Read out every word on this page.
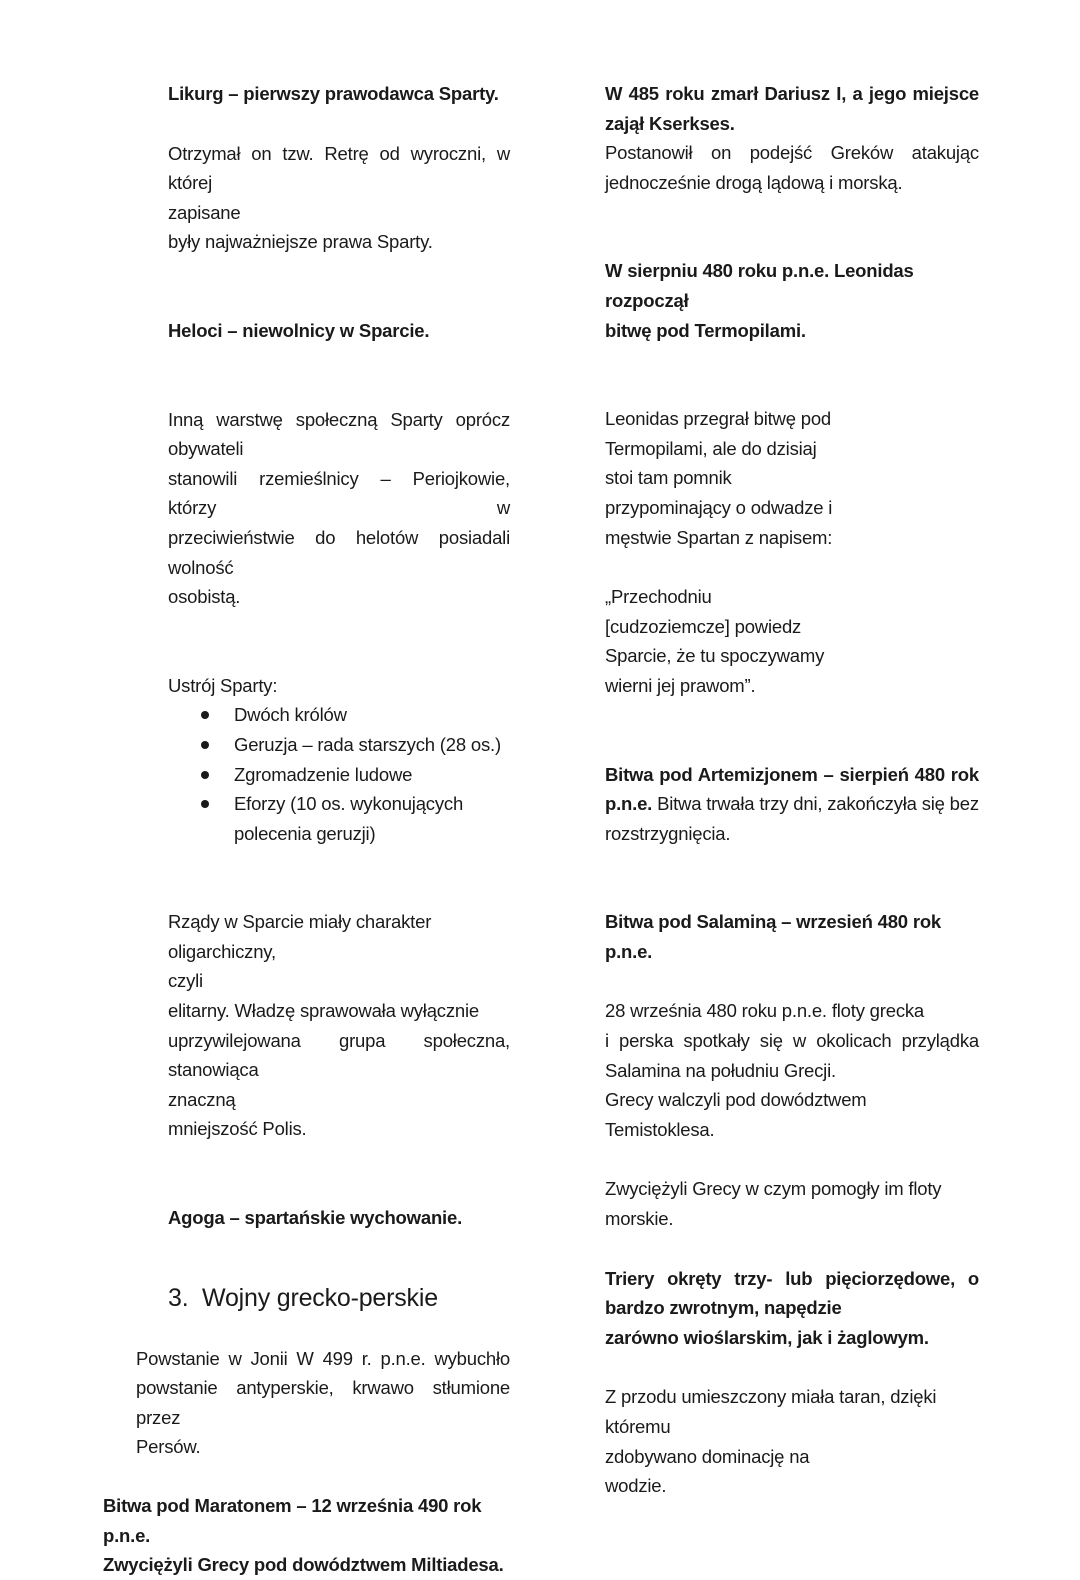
Likurg – pierwszy prawodawca Sparty.

Otrzymał on tzw. Retrę od wyroczni, w której

zapisane

były najważniejsze prawa Sparty.

Heloci – niewolnicy w Sparcie.

Inną warstwę społeczną Sparty oprócz

obywateli

stanowili rzemieślnicy – Periojkowie, którzy w

przeciwieństwie do helotów posiadali wolność

osobistą.

Ustrój Sparty:

Dwóch królów
Geruzja – rada starszych (28 os.)
Zgromadzenie ludowe
Eforzy (10 os. wykonujących polecenia geruzji)

Rządy w Sparcie miały charakter oligarchiczny,

czyli

elitarny. Władzę sprawowała wyłącznie

uprzywilejowana grupa społeczna, stanowiąca

znaczną

mniejszość Polis.

Agoga – spartańskie wychowanie.

3. Wojny grecko-perskie

Powstanie w Jonii W 499 r. p.n.e. wybuchło

powstanie antyperskie, krwawo stłumione przez

Persów.

Bitwa pod Maratonem – 12 września 490 rok p.n.e.

Zwyciężyli Grecy pod dowództwem Miltiadesa.

W 485 roku zmarł Dariusz I, a jego miejsce

zajął Kserkses.

Postanowił on podejść Greków atakując

jednocześnie drogą lądową i morską.

W sierpniu 480 roku p.n.e. Leonidas rozpoczął

bitwę pod Termopilami.

Leonidas przegrał bitwę pod

Termopilami, ale do dzisiaj

stoi tam pomnik

przypominający o odwadze i

męstwie Spartan z napisem:

„Przechodniu

[cudzoziemcze] powiedz

Sparcie, że tu spoczywamy

wierni jej prawom”.

Bitwa pod Artemizjonem – sierpień 480 rok

p.n.e. Bitwa trwała trzy dni, zakończyła się bez

rozstrzygnięcia.

Bitwa pod Salaminą – wrzesień 480 rok p.n.e.

28 września 480 roku p.n.e. floty grecka

i perska spotkały się w okolicach przylądka

Salamina na południu Grecji.

Grecy walczyli pod dowództwem Temistoklesa.

Zwyciężyli Grecy w czym pomogły im floty morskie.

Triery okręty trzy- lub pięciorzędowe, o

bardzo zwrotnym, napędzie

zarówno wioślarskim, jak i żaglowym.

Z przodu umieszczony miała taran, dzięki któremu

zdobywano dominację na

wodzie.
